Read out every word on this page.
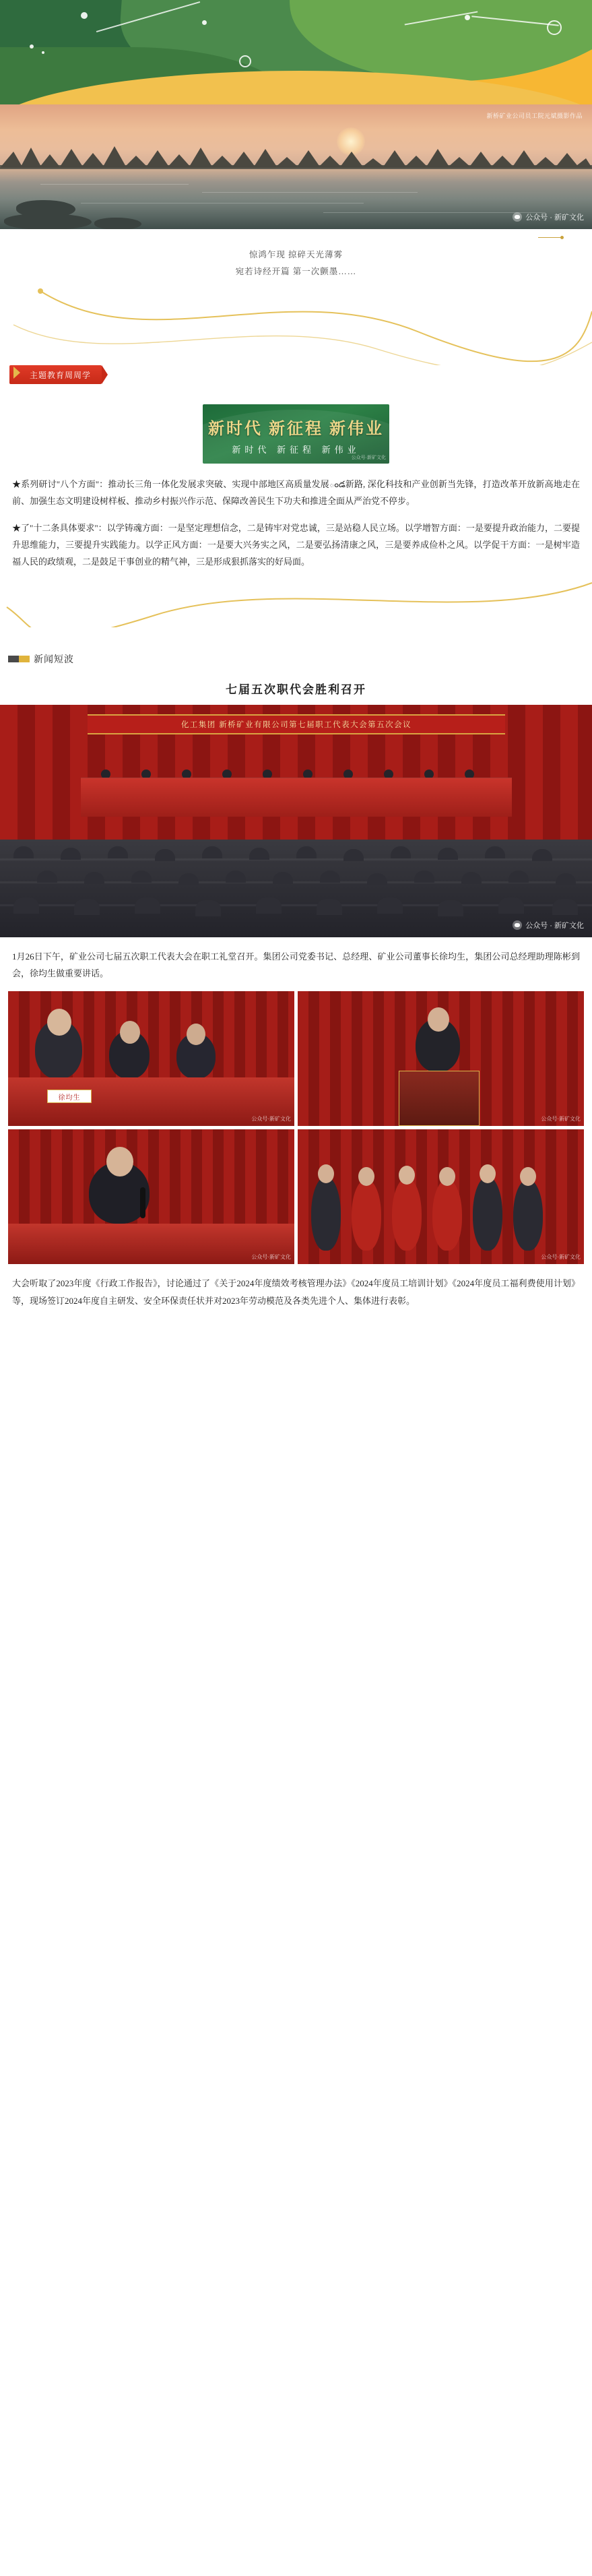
新桥矿业公司员工院元斌摄影作品
公众号 · 新矿文化
惊鸿乍现 掠碎天光薄雾
宛若诗经开篇 第一次颤墨……
主题教育周周学
新时代 新征程 新伟业
新时代 新征程 新伟业
公众号·新矿文化

★系列研讨"八个方面"：推动长三角一体化发展求突破、实现中部地区高质量发展ండ新路, 深化科技和产业创新当先锋，打造改革开放新高地走在前、加强生态文明建设树样板、推动乡村振兴作示范、保障改善民生下功夫和推进全面从严治党不停步。

★了"十二条具体要求"：以学铸魂方面：一是坚定理想信念，二是铸牢对党忠诚，三是站稳人民立场。以学增智方面：一是要提升政治能力，二要提升思维能力，三要提升实践能力。以学正风方面：一是要大兴务实之风，二是要弘扬清康之风，三是要养成俭朴之风。以学促干方面：一是树牢造福人民的政绩观，二是鼓足干事创业的精气神，三是形成狠抓落实的好局面。

新闻短波
七届五次职代会胜利召开
化工集团 新桥矿业有限公司第七届职工代表大会第五次会议
公众号 · 新矿文化
1月26日下午，矿业公司七届五次职工代表大会在职工礼堂召开。集团公司党委书记、总经理、矿业公司董事长徐均生，集团公司总经理助理陈彬到会，徐均生做重要讲话。
徐均生
公众号·新矿文化	公众号·新矿文化
公众号·新矿文化	公众号·新矿文化
大会听取了2023年度《行政工作报告》，讨论通过了《关于2024年度绩效考核管理办法》《2024年度员工培训计划》《2024年度员工福利费使用计划》等，现场签订2024年度自主研发、安全环保责任状并对2023年劳动模范及各类先进个人、集体进行表彰。
